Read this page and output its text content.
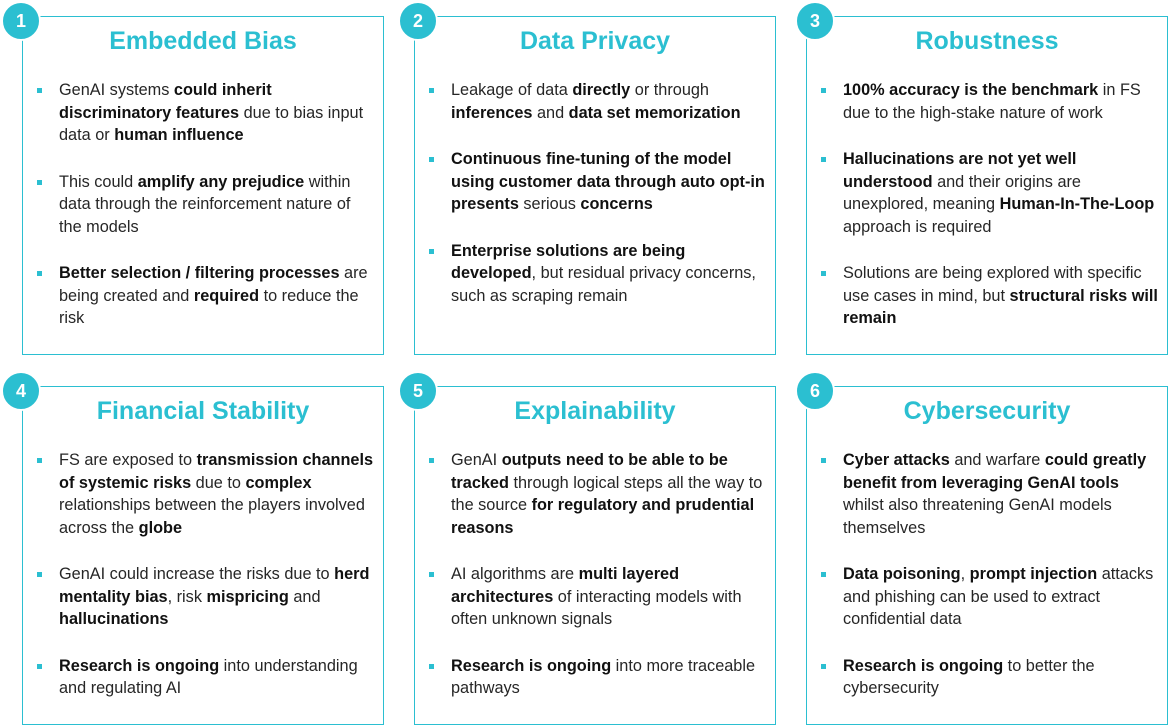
Embedded Bias
GenAI systems could inherit discriminatory features due to bias input data or human influence
This could amplify any prejudice within data through the reinforcement nature of the models
Better selection / filtering processes are being created and required to reduce the risk
1
Data Privacy
Leakage of data directly or through inferences and data set memorization
Continuous fine-tuning of the model using customer data through auto opt-in presents serious concerns
Enterprise solutions are being developed, but residual privacy concerns, such as scraping remain
2
Robustness
100% accuracy is the benchmark in FS due to the high-stake nature of work
Hallucinations are not yet well understood and their origins are unexplored, meaning Human-In-The-Loop approach is required
Solutions are being explored with specific use cases in mind, but structural risks will remain
3
Financial Stability
FS are exposed to transmission channels of systemic risks due to complex relationships between the players involved across the globe
GenAI could increase the risks due to herd mentality bias, risk mispricing and hallucinations
Research is ongoing into understanding and regulating AI
4
Explainability
GenAI outputs need to be able to be tracked through logical steps all the way to the source for regulatory and prudential reasons
AI algorithms are multi layered architectures of interacting models with often unknown signals
Research is ongoing into more traceable pathways
5
Cybersecurity
Cyber attacks and warfare could greatly benefit from leveraging GenAI tools whilst also threatening GenAI models themselves
Data poisoning, prompt injection attacks and phishing can be used to extract confidential data
Research is ongoing to better the cybersecurity
6
